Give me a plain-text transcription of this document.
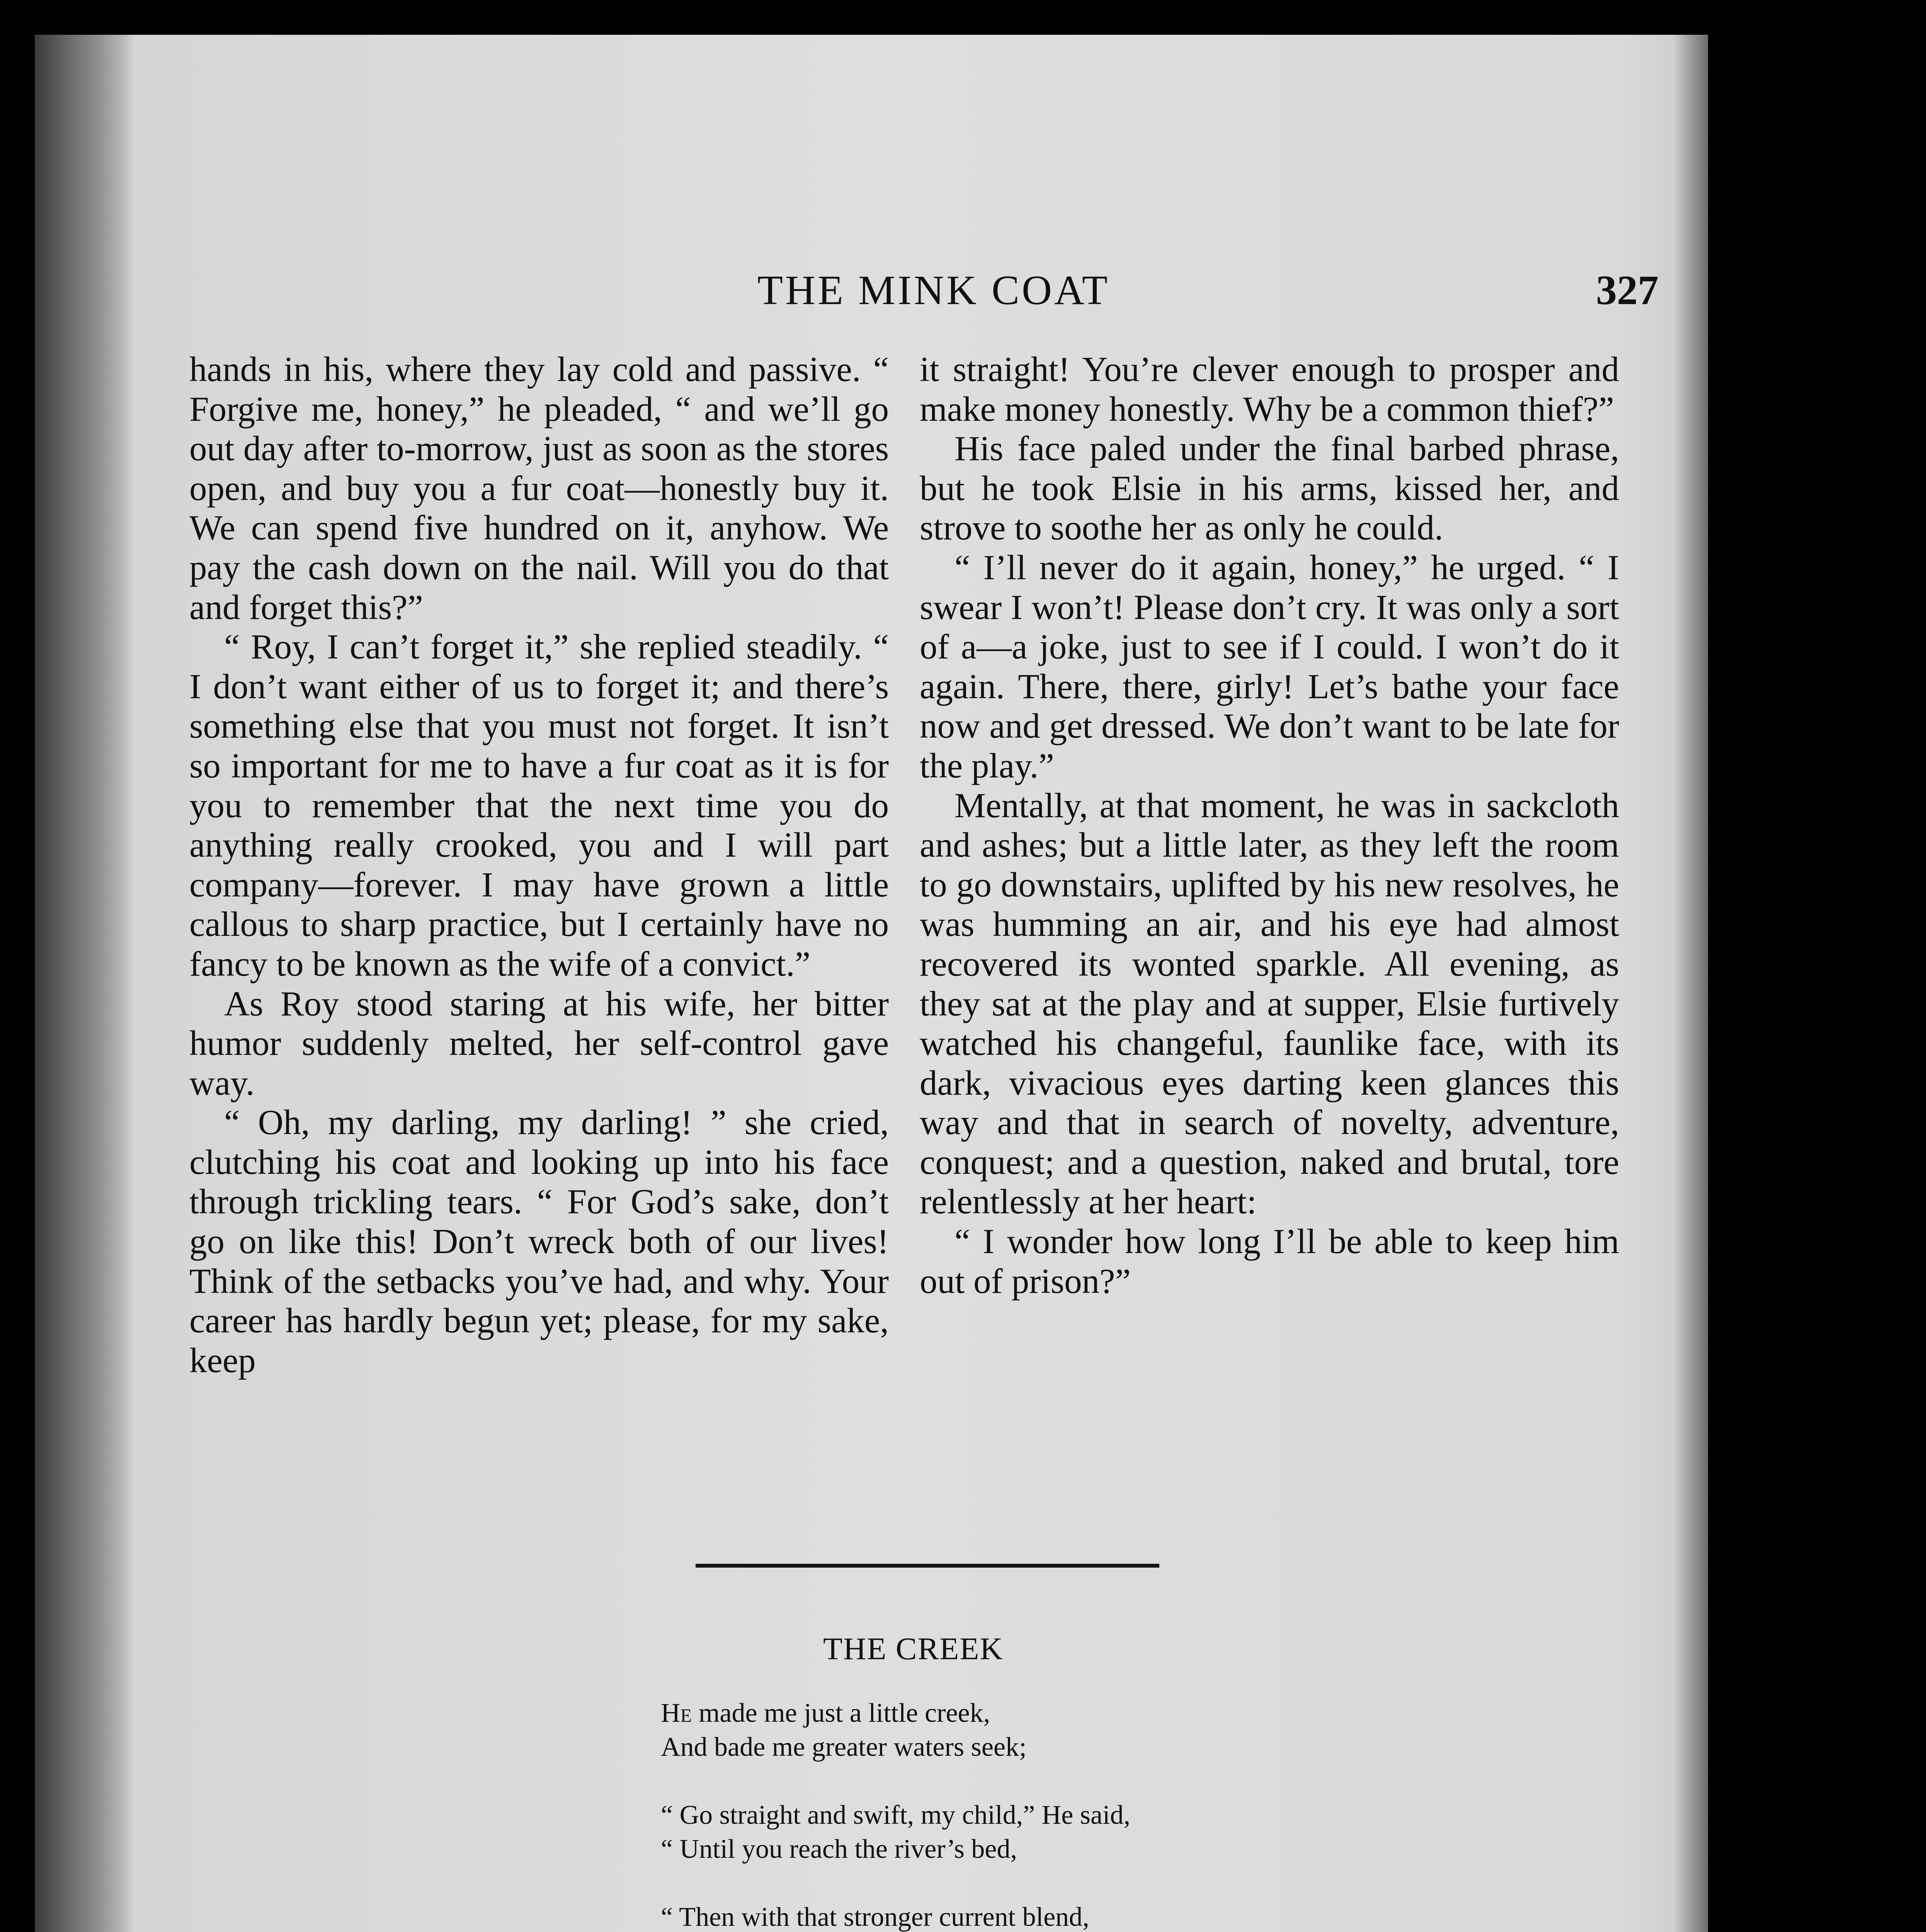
THE MINK COAT	327

hands in his, where they lay cold and passive. “ Forgive me, honey,” he pleaded, “ and we’ll go out day after to-morrow, just as soon as the stores open, and buy you a fur coat—honestly buy it. We can spend five hundred on it, anyhow. We pay the cash down on the nail. Will you do that and forget this?”

“ Roy, I can’t forget it,” she replied steadily. “ I don’t want either of us to forget it; and there’s something else that you must not forget. It isn’t so important for me to have a fur coat as it is for you to remember that the next time you do anything really crooked, you and I will part company—forever. I may have grown a little callous to sharp practice, but I certainly have no fancy to be known as the wife of a convict.”

As Roy stood staring at his wife, her bitter humor suddenly melted, her self-control gave way.

“ Oh, my darling, my darling! ” she cried, clutching his coat and looking up into his face through trickling tears. “ For God’s sake, don’t go on like this! Don’t wreck both of our lives! Think of the setbacks you’ve had, and why. Your career has hardly begun yet; please, for my sake, keep

it straight! You’re clever enough to prosper and make money honestly. Why be a common thief?”

His face paled under the final barbed phrase, but he took Elsie in his arms, kissed her, and strove to soothe her as only he could.

“ I’ll never do it again, honey,” he urged. “ I swear I won’t! Please don’t cry. It was only a sort of a—a joke, just to see if I could. I won’t do it again. There, there, girly! Let’s bathe your face now and get dressed. We don’t want to be late for the play.”

Mentally, at that moment, he was in sackcloth and ashes; but a little later, as they left the room to go downstairs, uplifted by his new resolves, he was humming an air, and his eye had almost recovered its wonted sparkle. All evening, as they sat at the play and at supper, Elsie furtively watched his changeful, faunlike face, with its dark, vivacious eyes darting keen glances this way and that in search of novelty, adventure, conquest; and a question, naked and brutal, tore relentlessly at her heart:

“ I wonder how long I’ll be able to keep him out of prison?”

THE CREEK
He made me just a little creek,
And bade me greater waters seek;
“ Go straight and swift, my child,” He said,
“ Until you reach the river’s bed,
“ Then with that stronger current blend,
